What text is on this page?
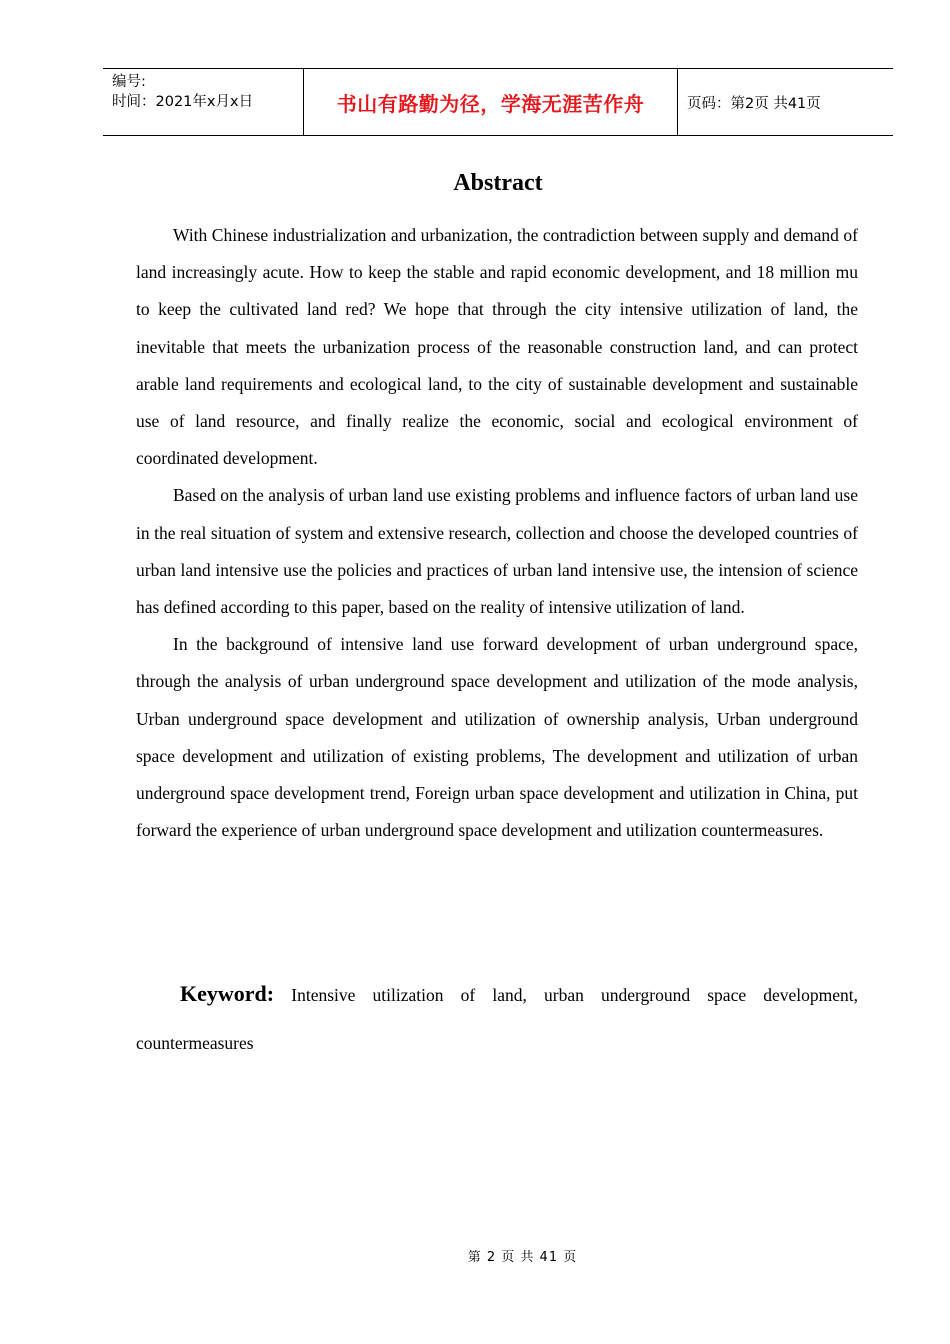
编号:
时间：2021年x月x日	书山有路勤为径，学海无涯苦作舟	页码：第2页 共41页
Abstract

With Chinese industrialization and urbanization, the contradiction between supply and demand of land increasingly acute. How to keep the stable and rapid economic development, and 18 million mu to keep the cultivated land red? We hope that through the city intensive utilization of land, the inevitable that meets the urbanization process of the reasonable construction land, and can protect arable land requirements and ecological land, to the city of sustainable development and sustainable use of land resource, and finally realize the economic, social and ecological environment of coordinated development.

Based on the analysis of urban land use existing problems and influence factors of urban land use in the real situation of system and extensive research, collection and choose the developed countries of urban land intensive use the policies and practices of urban land intensive use, the intension of science has defined according to this paper, based on the reality of intensive utilization of land.

In the background of intensive land use forward development of urban underground space, through the analysis of urban underground space development and utilization of the mode analysis, Urban underground space development and utilization of ownership analysis, Urban underground space development and utilization of existing problems, The development and utilization of urban underground space development trend, Foreign urban space development and utilization in China, put forward the experience of urban underground space development and utilization countermeasures.

Keyword: Intensive utilization of land, urban underground space development, countermeasures
第 2 页 共 41 页
